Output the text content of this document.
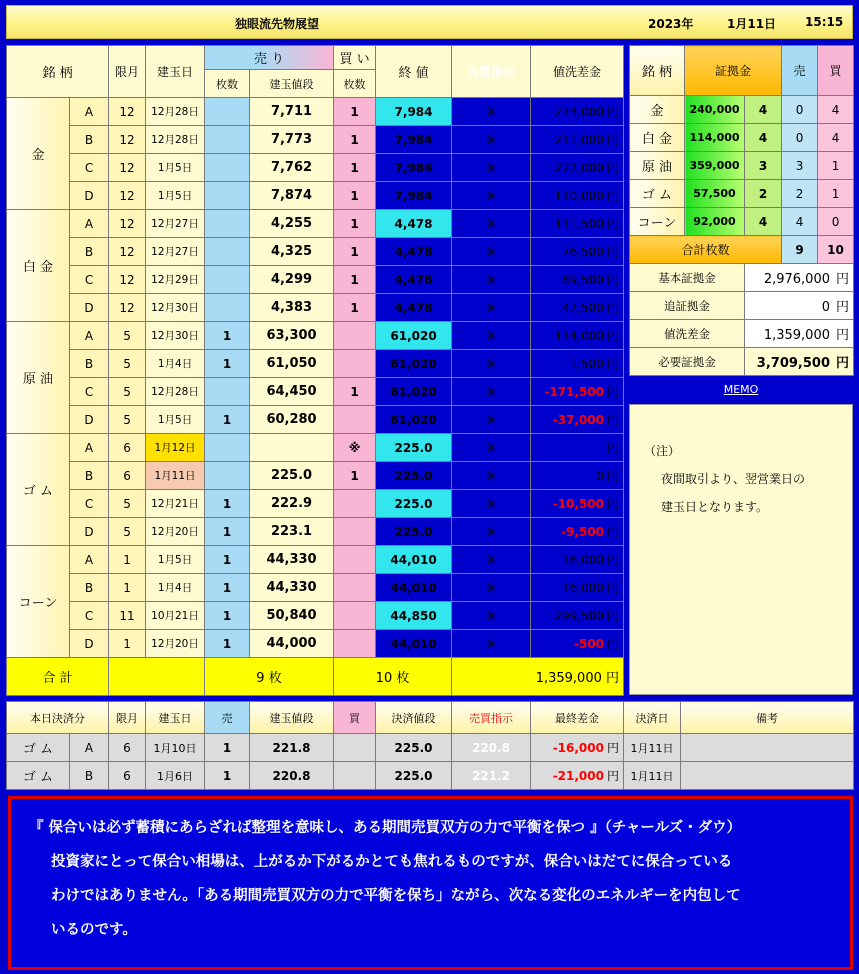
独眼流先物展望	2023年	1月11日 15:15
銘 柄		限月	建玉日	売 り		買 い	終 値	売買指示	値洗差金
				枚数	建玉値段	枚数			
金	A	12	12月28日		7,711	1	7,984	※	273,000 円
	B	12	12月28日		7,773	1	7,984	※	211,000 円
	C	12	1月5日		7,762	1	7,984	※	222,000 円
	D	12	1月5日		7,874	1	7,984	※	110,000 円
白 金	A	12	12月27日		4,255	1	4,478	※	111,500 円
	B	12	12月27日		4,325	1	4,478	※	76,500 円
	C	12	12月29日		4,299	1	4,478	※	89,500 円
	D	12	12月30日		4,383	1	4,478	※	47,500 円
原 油	A	5	12月30日	1	63,300		61,020	※	114,000 円
	B	5	1月4日	1	61,050		61,020	※	1,500 円
	C	5	12月28日		64,450	1	61,020	※	-171,500 円
	D	5	1月5日	1	60,280		61,020	※	-37,000 円
ゴ ム	A	6	1月12日			※	225.0	※	円
	B	6	1月11日		225.0	1	225.0	※	0 円
	C	5	12月21日	1	222.9		225.0	※	-10,500 円
	D	5	12月20日	1	223.1		225.0	※	-9,500 円
コーン	A	1	1月5日	1	44,330		44,010	※	16,000 円
	B	1	1月4日	1	44,330		44,010	※	16,000 円
	C	11	10月21日	1	50,840		44,850	※	299,500 円
	D	1	12月20日	1	44,000		44,010	※	-500 円
合 計				9 枚		10 枚		1,359,000 円	
銘 柄	証拠金		売	買
金	240,000	4	0	4
白 金	114,000	4	0	4
原 油	359,000	3	3	1
ゴ ム	57,500	2	2	1
コーン	92,000	4	4	0
合計枚数			9	10
基本証拠金		2,976,000 円		
追証拠金		0 円		
値洗差金		1,359,000 円		
必要証拠金		3,709,500 円		
MEMO
（注）
夜間取引より、翌営業日の
建玉日となります。
本日決済分		限月	建玉日	売	建玉値段	買	決済値段	売買指示	最終差金	決済日	備考
ゴ ム	A	6	1月10日	1	221.8		225.0	220.8	-16,000 円	1月11日	
ゴ ム	B	6	1月6日	1	220.8		225.0	221.2	-21,000 円	1月11日	
『 保合いは必ず蓄積にあらざれば整理を意味し、ある期間売買双方の力で平衡を保つ 』（チャールズ・ダウ）
投資家にとって保合い相場は、上がるか下がるかとても焦れるものですが、保合いはだてに保合っている
わけではありません。「ある期間売買双方の力で平衡を保ち」ながら、次なる変化のエネルギーを内包して
いるのです。
